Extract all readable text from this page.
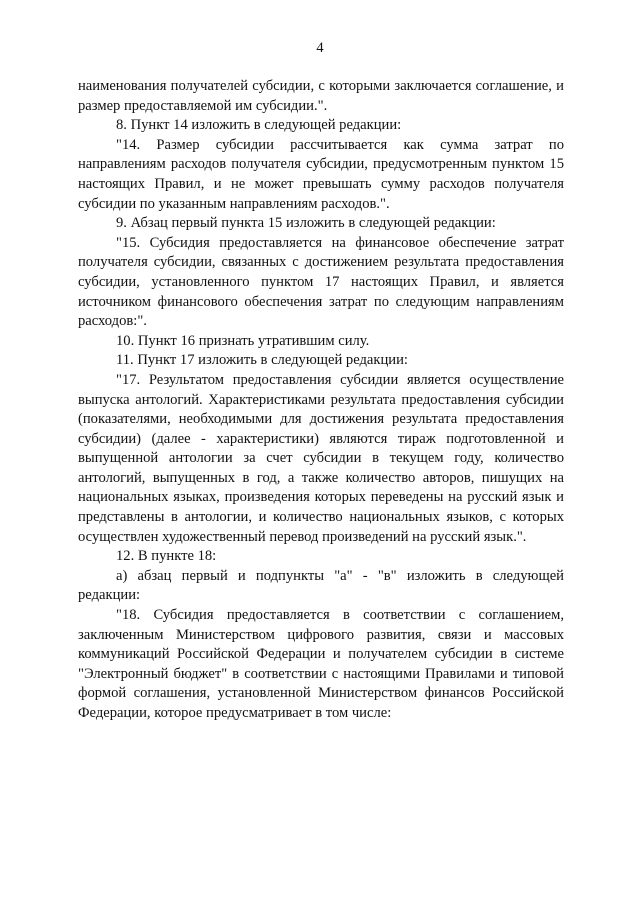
4

наименования получателей субсидии, с которыми заключается соглашение, и размер предоставляемой им субсидии.".

8. Пункт 14 изложить в следующей редакции:

"14. Размер субсидии рассчитывается как сумма затрат по направлениям расходов получателя субсидии, предусмотренным пунктом 15 настоящих Правил, и не может превышать сумму расходов получателя субсидии по указанным направлениям расходов.".

9. Абзац первый пункта 15 изложить в следующей редакции:

"15. Субсидия предоставляется на финансовое обеспечение затрат получателя субсидии, связанных с достижением результата предоставления субсидии, установленного пунктом 17 настоящих Правил, и является источником финансового обеспечения затрат по следующим направлениям расходов:".

10. Пункт 16 признать утратившим силу.

11. Пункт 17 изложить в следующей редакции:

"17. Результатом предоставления субсидии является осуществление выпуска антологий. Характеристиками результата предоставления субсидии (показателями, необходимыми для достижения результата предоставления субсидии) (далее - характеристики) являются тираж подготовленной и выпущенной антологии за счет субсидии в текущем году, количество антологий, выпущенных в год, а также количество авторов, пишущих на национальных языках, произведения которых переведены на русский язык и представлены в антологии, и количество национальных языков, с которых осуществлен художественный перевод произведений на русский язык.".

12. В пункте 18:

а) абзац первый и подпункты "а" - "в" изложить в следующей редакции:

"18. Субсидия предоставляется в соответствии с соглашением, заключенным Министерством цифрового развития, связи и массовых коммуникаций Российской Федерации и получателем субсидии в системе "Электронный бюджет" в соответствии с настоящими Правилами и типовой формой соглашения, установленной Министерством финансов Российской Федерации, которое предусматривает в том числе:
